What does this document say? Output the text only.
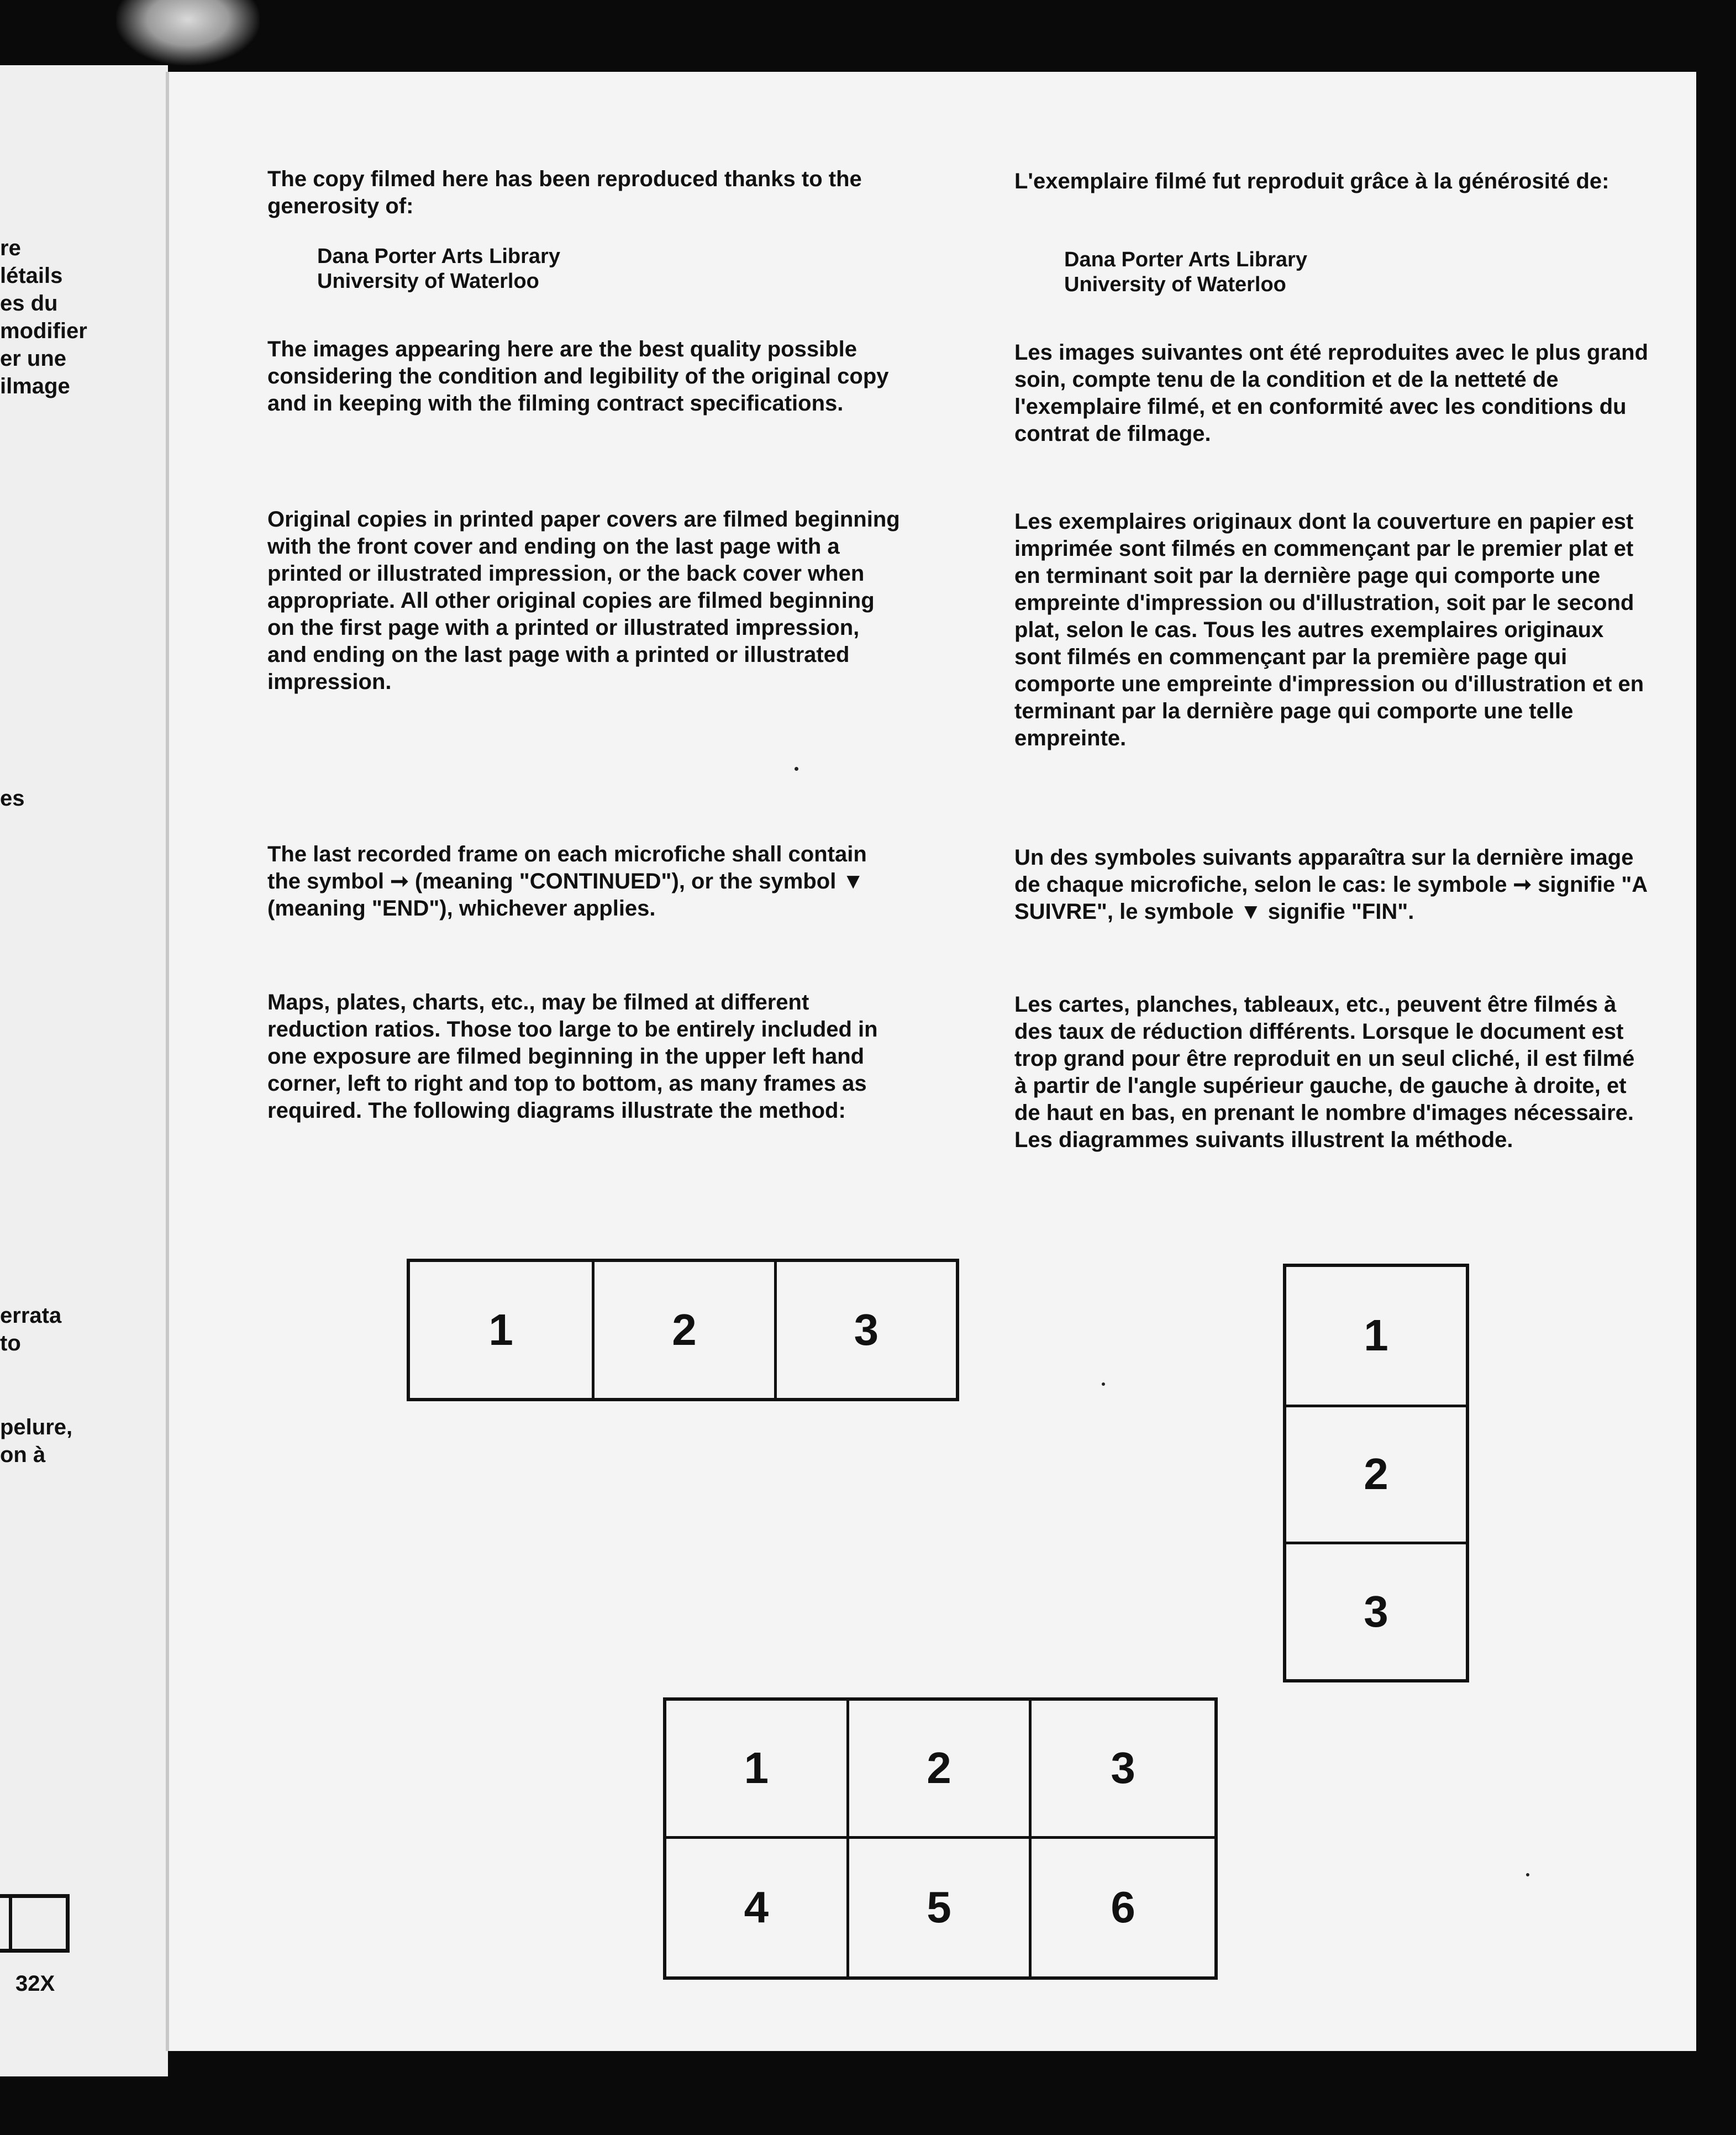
re
létails
es du
modifier
er une
ilmage
es
errata
to
pelure,
on à
32X

The copy filmed here has been reproduced thanks to the generosity of:

Dana Porter Arts Library
University of Waterloo

The images appearing here are the best quality possible considering the condition and legibility of the original copy and in keeping with the filming contract specifications.

Original copies in printed paper covers are filmed beginning with the front cover and ending on the last page with a printed or illustrated impression, or the back cover when appropriate. All other original copies are filmed beginning on the first page with a printed or illustrated impression, and ending on the last page with a printed or illustrated impression.

The last recorded frame on each microfiche shall contain the symbol ➞ (meaning "CONTINUED"), or the symbol ▼ (meaning "END"), whichever applies.

Maps, plates, charts, etc., may be filmed at different reduction ratios. Those too large to be entirely included in one exposure are filmed beginning in the upper left hand corner, left to right and top to bottom, as many frames as required. The following diagrams illustrate the method:

L'exemplaire filmé fut reproduit grâce à la générosité de:

Dana Porter Arts Library
University of Waterloo

Les images suivantes ont été reproduites avec le plus grand soin, compte tenu de la condition et de la netteté de l'exemplaire filmé, et en conformité avec les conditions du contrat de filmage.

Les exemplaires originaux dont la couverture en papier est imprimée sont filmés en commençant par le premier plat et en terminant soit par la dernière page qui comporte une empreinte d'impression ou d'illustration, soit par le second plat, selon le cas. Tous les autres exemplaires originaux sont filmés en commençant par la première page qui comporte une empreinte d'impression ou d'illustration et en terminant par la dernière page qui comporte une telle empreinte.

Un des symboles suivants apparaîtra sur la dernière image de chaque microfiche, selon le cas: le symbole ➞ signifie "A SUIVRE", le symbole ▼ signifie "FIN".

Les cartes, planches, tableaux, etc., peuvent être filmés à des taux de réduction différents. Lorsque le document est trop grand pour être reproduit en un seul cliché, il est filmé à partir de l'angle supérieur gauche, de gauche à droite, et de haut en bas, en prenant le nombre d'images nécessaire. Les diagrammes suivants illustrent la méthode.

1	2	3	1
2
3
1	2	3
4	5	6
